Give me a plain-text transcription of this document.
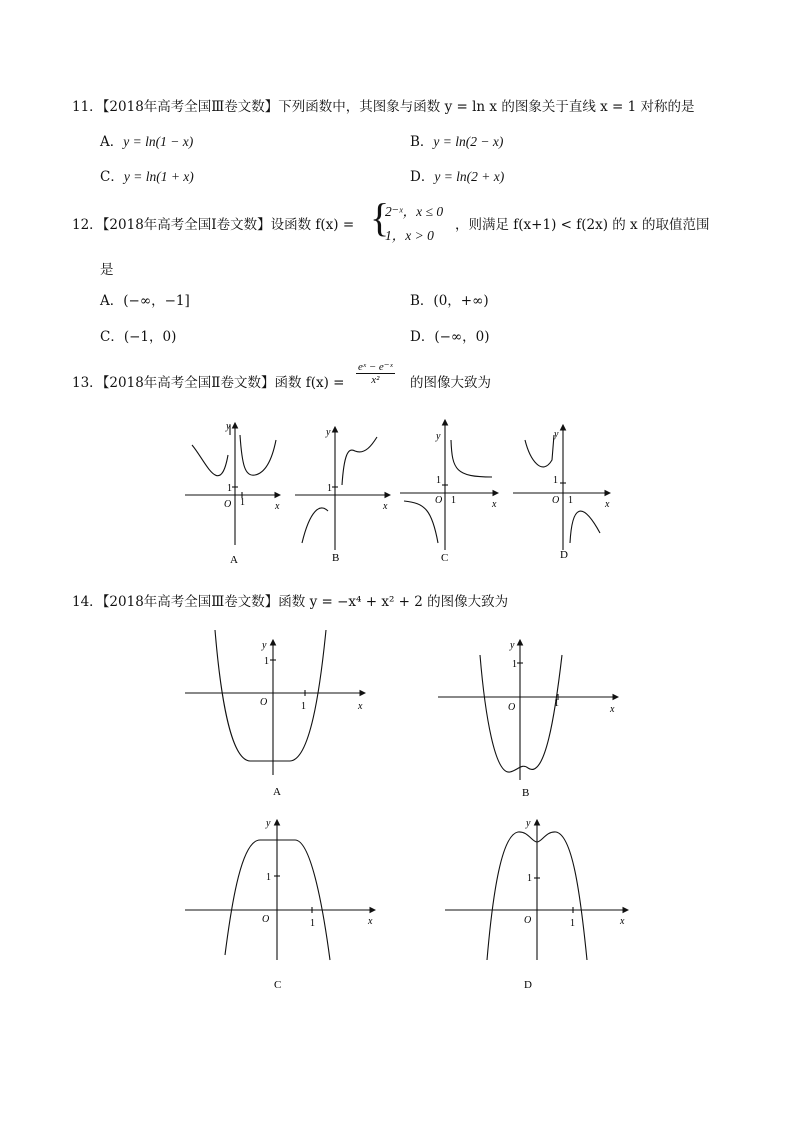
11．【2018年高考全国Ⅲ卷文数】下列函数中，其图象与函数 y = ln x 的图象关于直线 x = 1 对称的是
A．y = ln(1 − x)	B．y = ln(2 − x)
C．y = ln(1 + x)	D．y = ln(2 + x)
12．【2018年高考全国Ⅰ卷文数】设函数 f(x) = {
2⁻ˣ，x ≤ 0
1，x > 0
，则满足 f(x+1) < f(2x) 的 x 的取值范围
是
A．(−∞，−1]	B．(0，+∞)
C．(−1，0)	D．(−∞，0)
13．【2018年高考全国Ⅱ卷文数】函数 $f(x) = \frac{\text{eˣ − e⁻ˣ}}{\text{x²}}$ 的图像大致为
O 1
1
x
y
A
1
x
y
B
O 1
1
x
y
C
O 1
1
x
y
D
14．【2018年高考全国Ⅲ卷文数】函数 y = −x⁴ + x² + 2 的图像大致为
y
1
O	1	x
A
y
1
O	1
x
B
y
1
O	1	x
C
y
1
O	1	x
D
